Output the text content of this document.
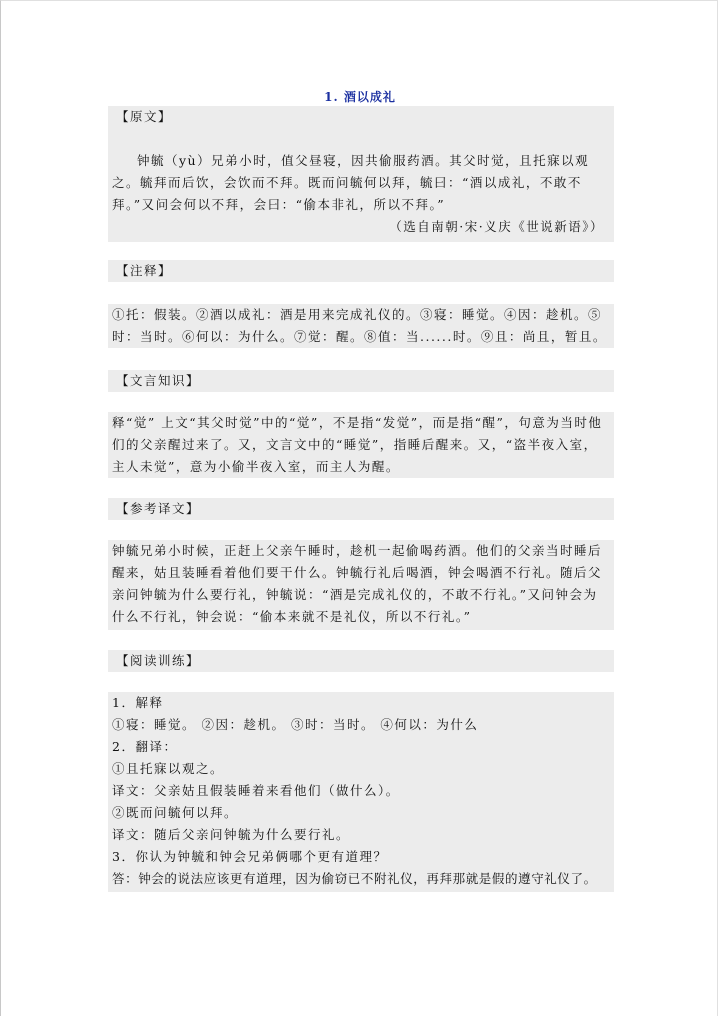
1. 酒以成礼

【原文】

钟毓（yù）兄弟小时，值父昼寝，因共偷服药酒。其父时觉，且托寐以观之。毓拜而后饮，会饮而不拜。既而问毓何以拜，毓曰：“酒以成礼，不敢不拜。”又问会何以不拜，会曰：“偷本非礼，所以不拜。”

（选自南朝·宋·义庆《世说新语》）

【注释】

①托：假装。②酒以成礼：酒是用来完成礼仪的。③寝：睡觉。④因：趁机。⑤时：当时。⑥何以：为什么。⑦觉：醒。⑧值：当......时。⑨且：尚且，暂且。

【文言知识】

释“觉” 上文“其父时觉”中的“觉”，不是指“发觉”，而是指“醒”，句意为当时他们的父亲醒过来了。又，文言文中的“睡觉”，指睡后醒来。又，“盗半夜入室，主人未觉”，意为小偷半夜入室，而主人为醒。

【参考译文】

钟毓兄弟小时候，正赶上父亲午睡时，趁机一起偷喝药酒。他们的父亲当时睡后醒来，姑且装睡看着他们要干什么。钟毓行礼后喝酒，钟会喝酒不行礼。随后父亲问钟毓为什么要行礼，钟毓说：“酒是完成礼仪的，不敢不行礼。”又问钟会为什么不行礼，钟会说：“偷本来就不是礼仪，所以不行礼。”

【阅读训练】

1．解释

①寝：睡觉。 ②因：趁机。 ③时：当时。 ④何以：为什么

2．翻译：

①且托寐以观之。

译文：父亲姑且假装睡着来看他们（做什么）。

②既而问毓何以拜。

译文：随后父亲问钟毓为什么要行礼。

3．你认为钟毓和钟会兄弟俩哪个更有道理？

答：钟会的说法应该更有道理，因为偷窃已不附礼仪，再拜那就是假的遵守礼仪了。
